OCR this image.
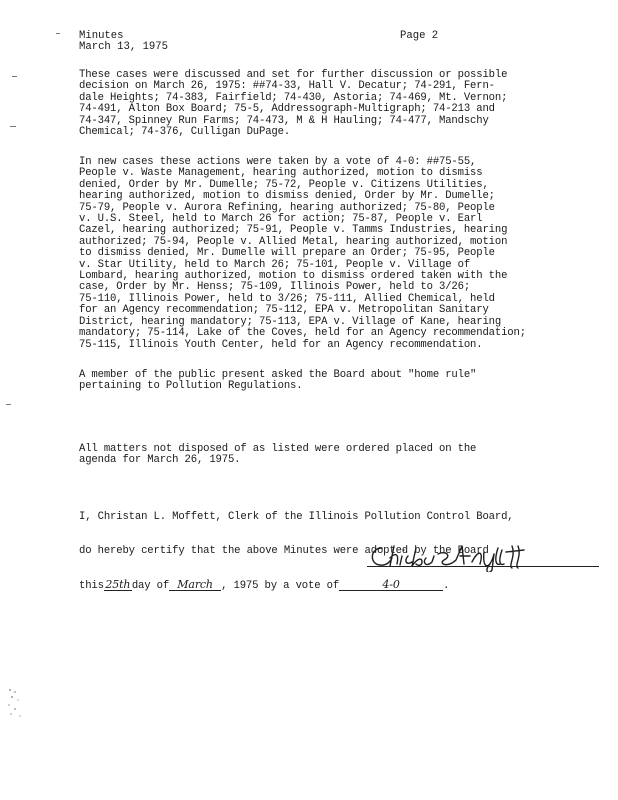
Minutes
March 13, 1975
Page 2
These cases were discussed and set for further discussion or possible
decision on March 26, 1975: ##74-33, Hall V. Decatur; 74-291, Fern-
dale Heights; 74-383, Fairfield; 74-430, Astoria; 74-469, Mt. Vernon;
74-491, Alton Box Board; 75-5, Addressograph-Multigraph; 74-213 and
74-347, Spinney Run Farms; 74-473, M & H Hauling; 74-477, Mandschy
Chemical; 74-376, Culligan DuPage.
In new cases these actions were taken by a vote of 4-0: ##75-55,
People v. Waste Management, hearing authorized, motion to dismiss
denied, Order by Mr. Dumelle; 75-72, People v. Citizens Utilities,
hearing authorized, motion to dismiss denied, Order by Mr. Dumelle;
75-79, People v. Aurora Refining, hearing authorized; 75-80, People
v. U.S. Steel, held to March 26 for action; 75-87, People v. Earl
Cazel, hearing authorized; 75-91, People v. Tamms Industries, hearing
authorized; 75-94, People v. Allied Metal, hearing authorized, motion
to dismiss denied, Mr. Dumelle will prepare an Order; 75-95, People
v. Star Utility, held to March 26; 75-101, People v. Village of
Lombard, hearing authorized, motion to dismiss ordered taken with the
case, Order by Mr. Henss; 75-109, Illinois Power, held to 3/26;
75-110, Illinois Power, held to 3/26; 75-111, Allied Chemical, held
for an Agency recommendation; 75-112, EPA v. Metropolitan Sanitary
District, hearing mandatory; 75-113, EPA v. Village of Kane, hearing
mandatory; 75-114, Lake of the Coves, held for an Agency recommendation;
75-115, Illinois Youth Center, held for an Agency recommendation.
A member of the public present asked the Board about "home rule"
pertaining to Pollution Regulations.
All matters not disposed of as listed were ordered placed on the
agenda for March 26, 1975.

I, Christan L. Moffett, Clerk of the Illinois Pollution Control Board,

do hereby certify that the above Minutes were adopted by the Board

this 25th day of March , 1975 by a vote of	4-0	.
